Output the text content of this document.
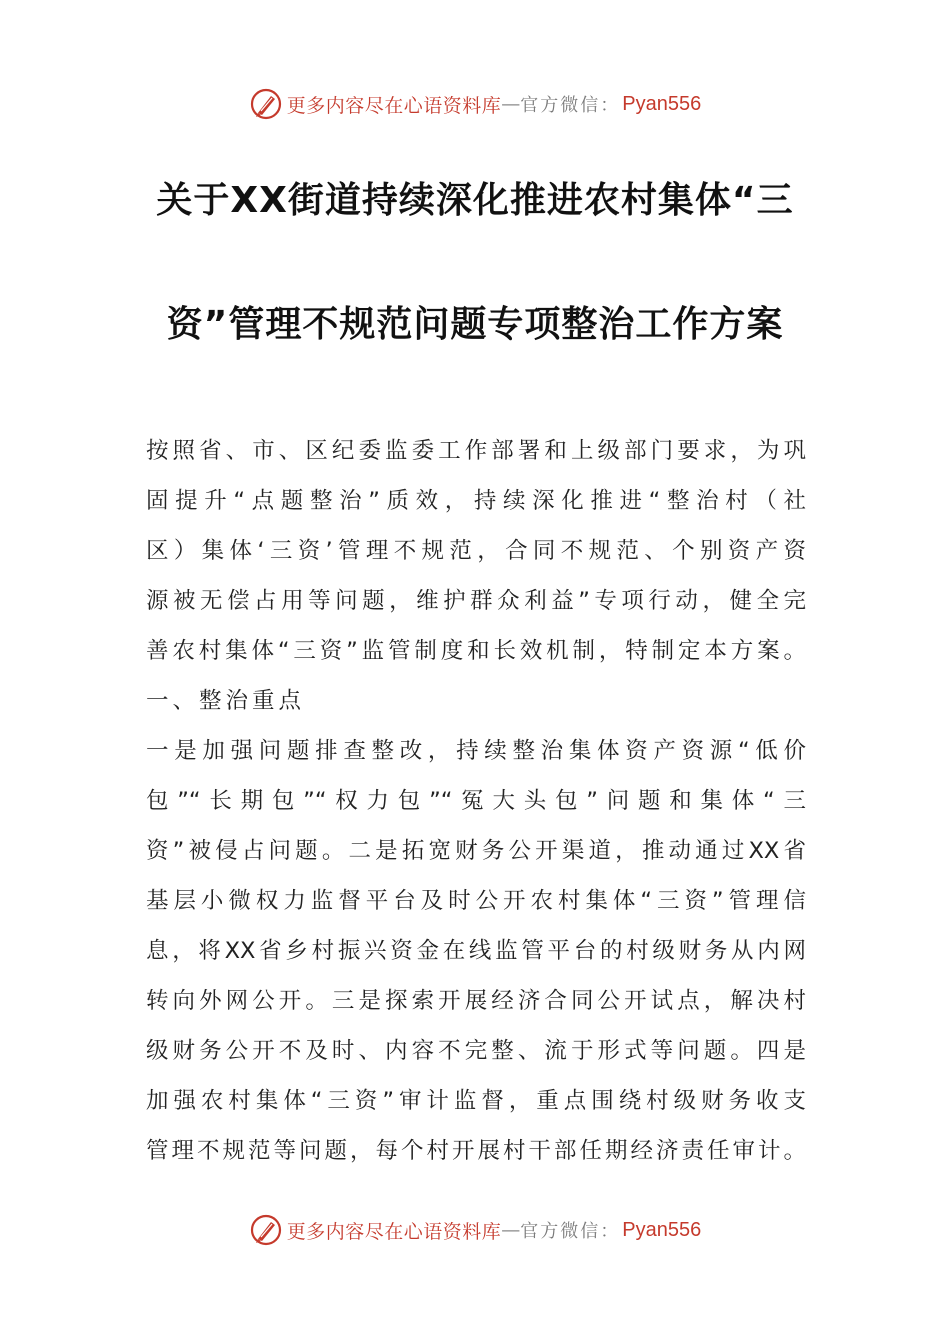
更多内容尽在心语资料库 — 官方微信： Pyan556
关于XX街道持续深化推进农村集体“三
资”管理不规范问题专项整治工作方案
按照省、市、区纪委监委工作部署和上级部门要求，为巩
固提升“点题整治”质效，持续深化推进“整治村（社
区）集体‘三资’管理不规范，合同不规范、个别资产资
源被无偿占用等问题，维护群众利益”专项行动，健全完
善农村集体“三资”监管制度和长效机制，特制定本方案。
一、整治重点
一是加强问题排查整改，持续整治集体资产资源“低价
包”“长期包”“权力包”“冤大头包”问题和集体“三
资”被侵占问题。二是拓宽财务公开渠道，推动通过XX省
基层小微权力监督平台及时公开农村集体“三资”管理信
息，将XX省乡村振兴资金在线监管平台的村级财务从内网
转向外网公开。三是探索开展经济合同公开试点，解决村
级财务公开不及时、内容不完整、流于形式等问题。四是
加强农村集体“三资”审计监督，重点围绕村级财务收支
管理不规范等问题，每个村开展村干部任期经济责任审计。
更多内容尽在心语资料库 — 官方微信： Pyan556
